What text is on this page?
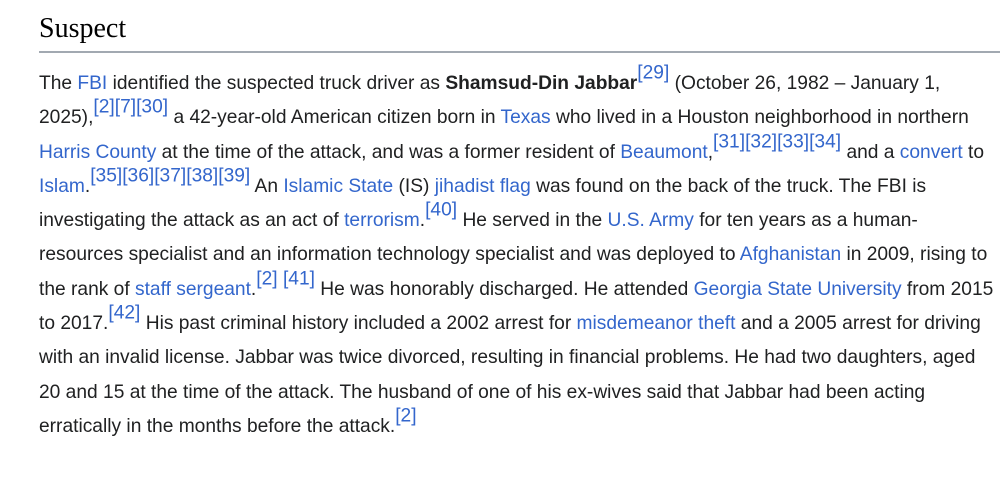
Suspect

The FBI identified the suspected truck driver as Shamsud-Din Jabbar[29] (October 26, 1982 – January 1, 2025),[2][7][30] a 42-year-old American citizen born in Texas who lived in a Houston neighborhood in northern Harris County at the time of the attack, and was a former resident of Beaumont,[31][32][33][34] and a convert to Islam.[35][36][37][38][39] An Islamic State (IS) jihadist flag was found on the back of the truck. The FBI is investigating the attack as an act of terrorism.[40] He served in the U.S. Army for ten years as a human-resources specialist and an information technology specialist and was deployed to Afghanistan in 2009, rising to the rank of staff sergeant.[2] [41] He was honorably discharged. He attended Georgia State University from 2015 to 2017.[42] His past criminal history included a 2002 arrest for misdemeanor theft and a 2005 arrest for driving with an invalid license. Jabbar was twice divorced, resulting in financial problems. He had two daughters, aged 20 and 15 at the time of the attack. The husband of one of his ex-wives said that Jabbar had been acting erratically in the months before the attack.[2]
